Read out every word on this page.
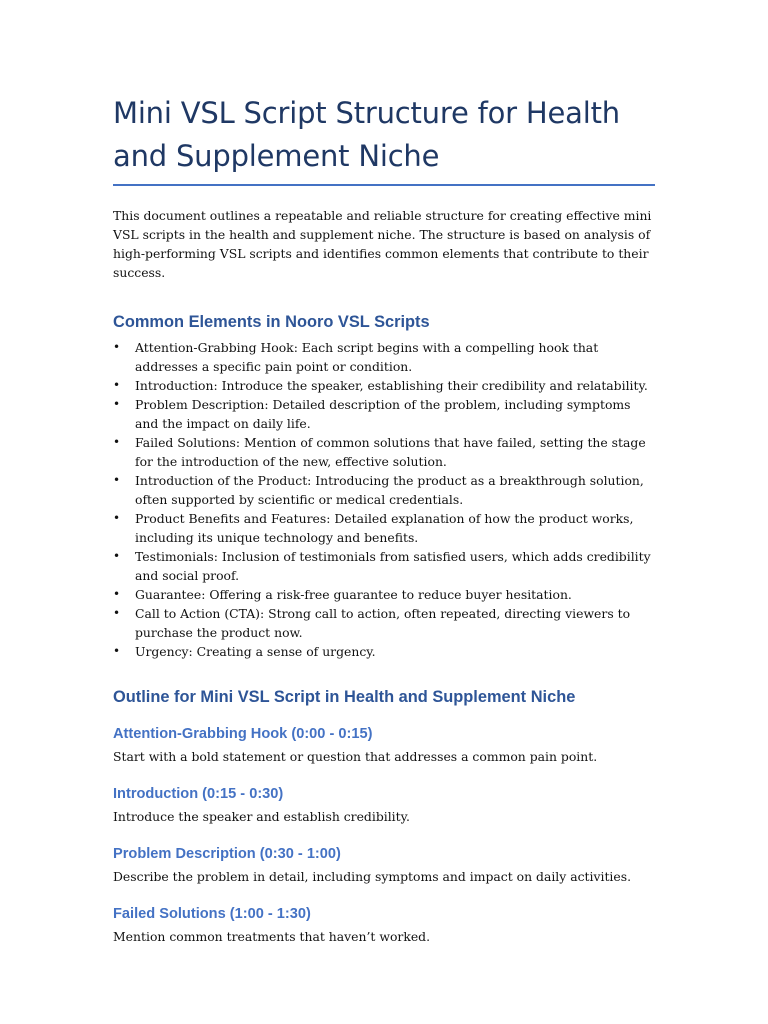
Mini VSL Script Structure for Health and Supplement Niche

This document outlines a repeatable and reliable structure for creating effective mini VSL scripts in the health and supplement niche. The structure is based on analysis of high-performing VSL scripts and identifies common elements that contribute to their success.

Common Elements in Nooro VSL Scripts
• Attention-Grabbing Hook: Each script begins with a compelling hook that addresses a specific pain point or condition.
• Introduction: Introduce the speaker, establishing their credibility and relatability.
• Problem Description: Detailed description of the problem, including symptoms and the impact on daily life.
• Failed Solutions: Mention of common solutions that have failed, setting the stage for the introduction of the new, effective solution.
• Introduction of the Product: Introducing the product as a breakthrough solution, often supported by scientific or medical credentials.
• Product Benefits and Features: Detailed explanation of how the product works, including its unique technology and benefits.
• Testimonials: Inclusion of testimonials from satisfied users, which adds credibility and social proof.
• Guarantee: Offering a risk-free guarantee to reduce buyer hesitation.
• Call to Action (CTA): Strong call to action, often repeated, directing viewers to purchase the product now.
• Urgency: Creating a sense of urgency.
Outline for Mini VSL Script in Health and Supplement Niche
Attention-Grabbing Hook (0:00 - 0:15)

Start with a bold statement or question that addresses a common pain point.

Introduction (0:15 - 0:30)

Introduce the speaker and establish credibility.

Problem Description (0:30 - 1:00)

Describe the problem in detail, including symptoms and impact on daily activities.

Failed Solutions (1:00 - 1:30)

Mention common treatments that haven’t worked.
